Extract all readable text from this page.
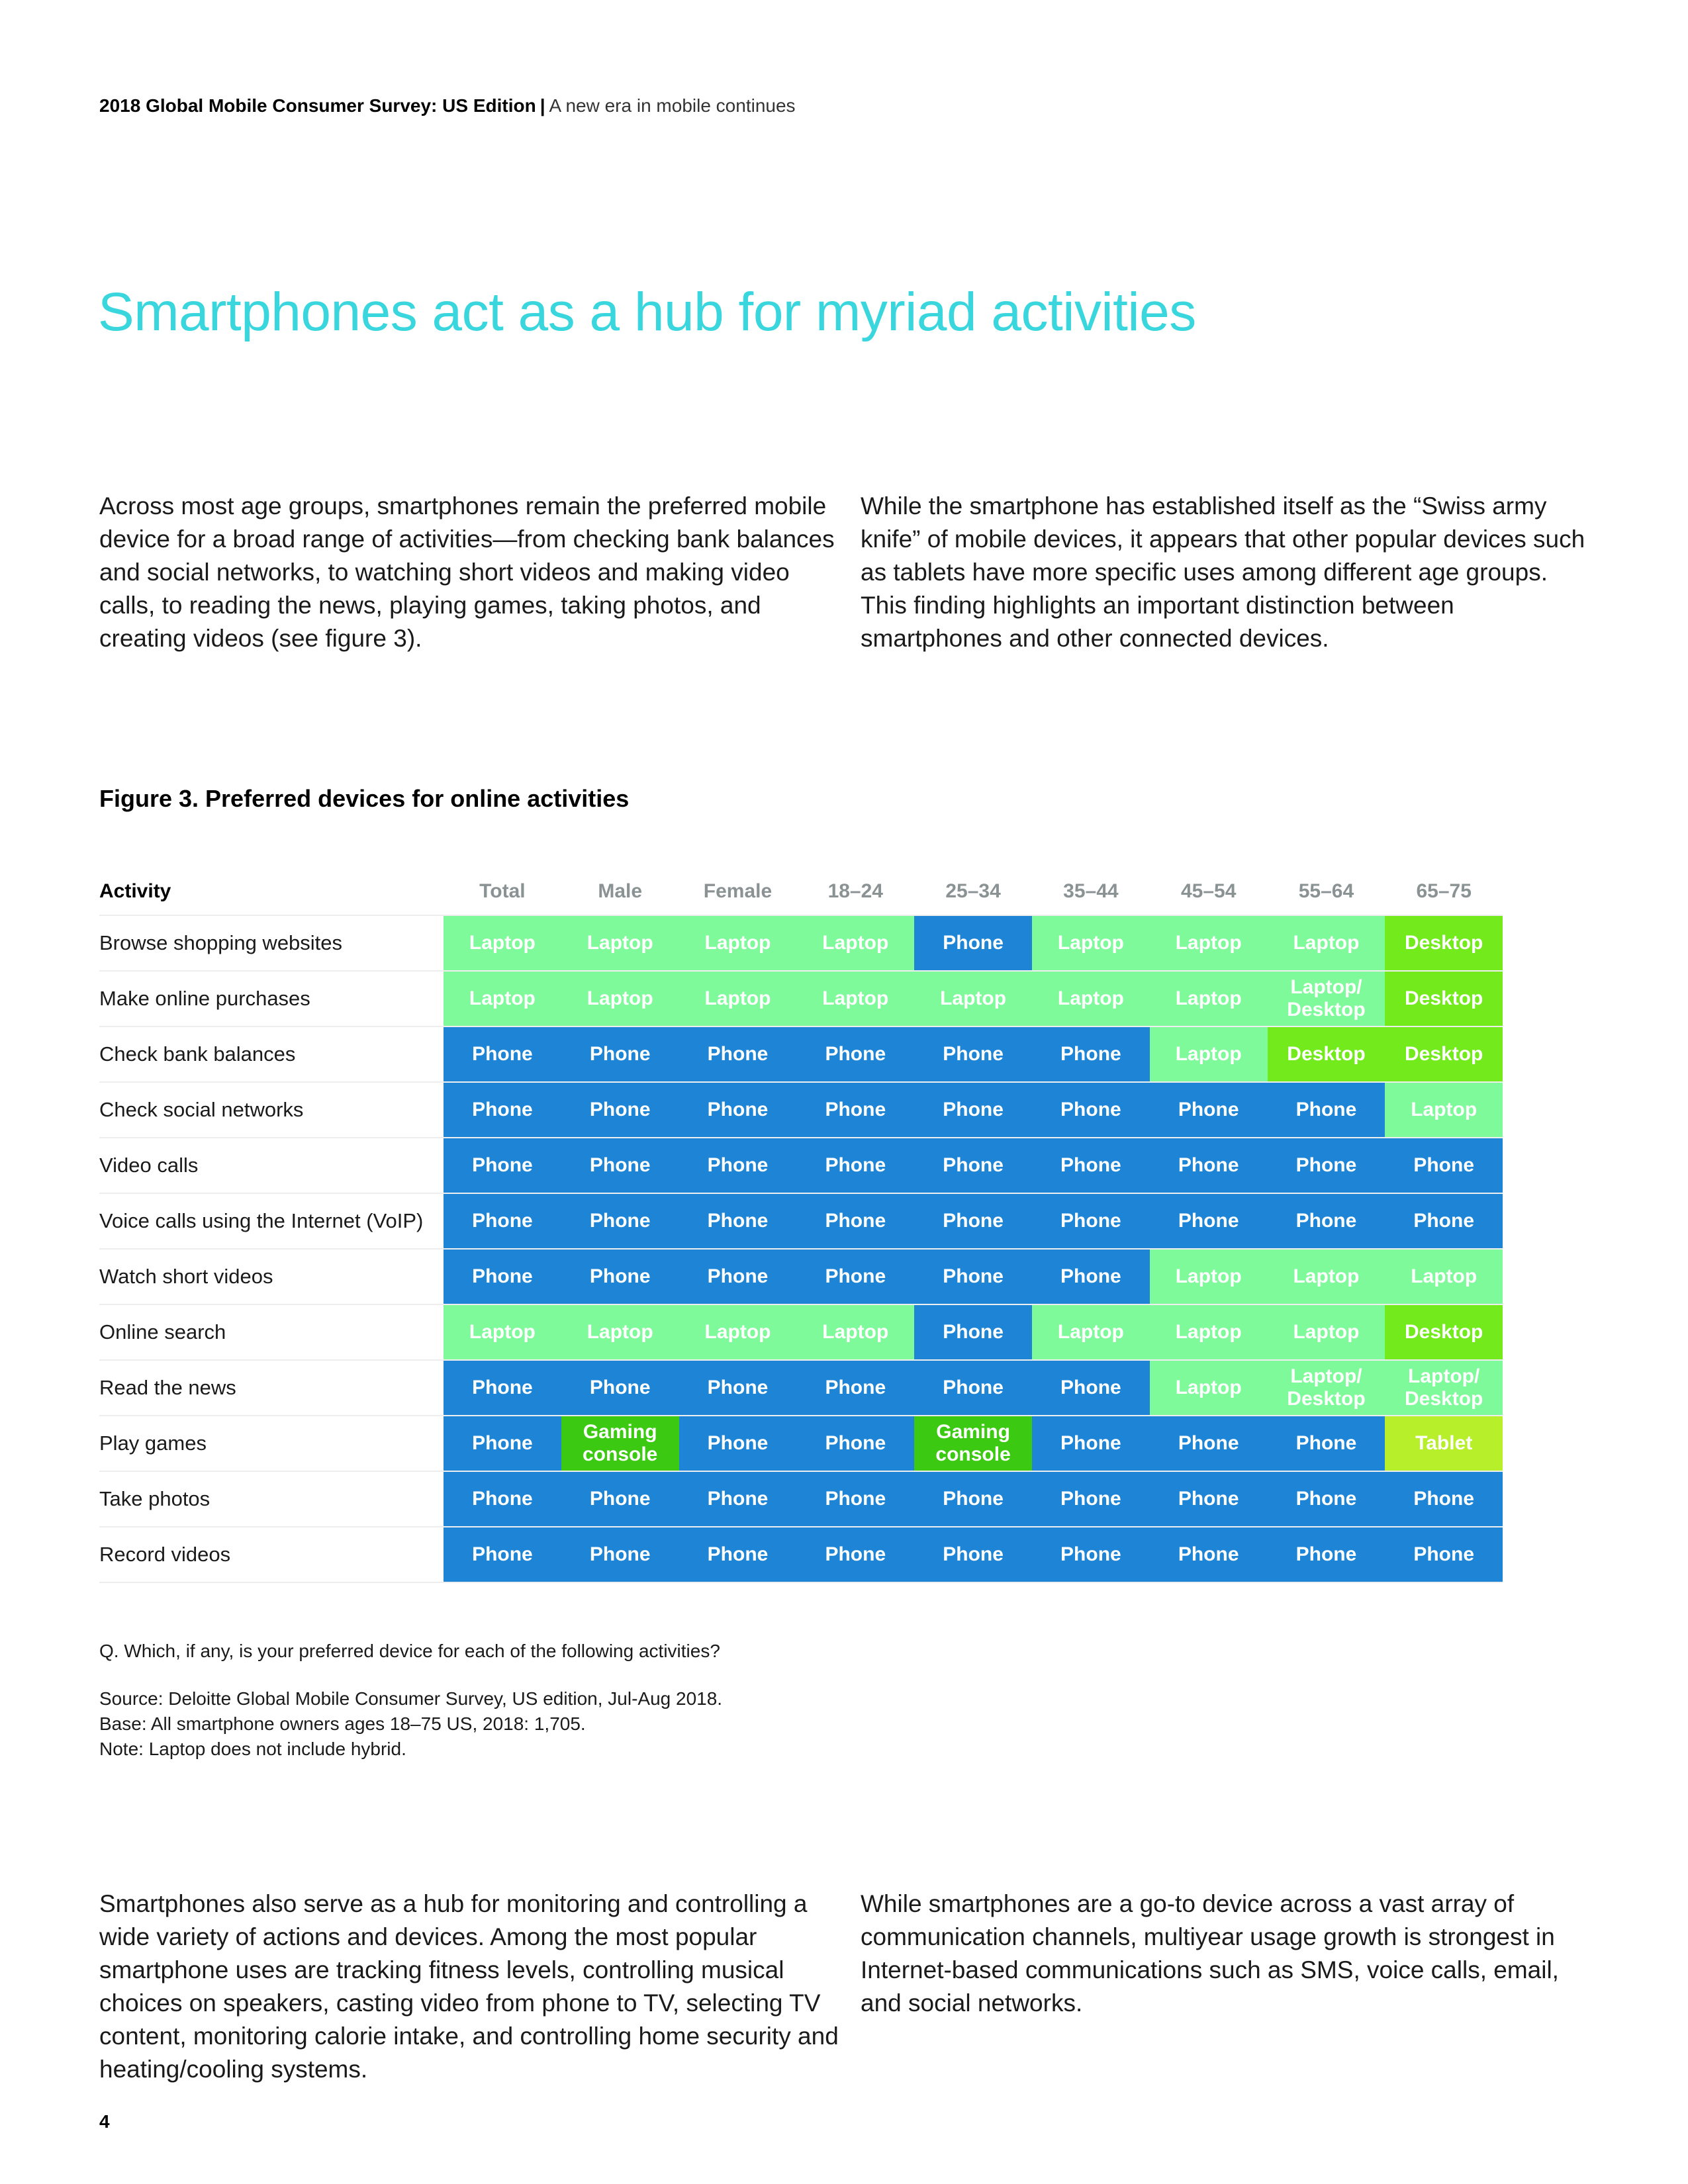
2018 Global Mobile Consumer Survey: US Edition | A new era in mobile continues
Smartphones act as a hub for myriad activities

Across most age groups, smartphones remain the preferred mobile device for a broad range of activities—from checking bank balances and social networks, to watching short videos and making video calls, to reading the news, playing games, taking photos, and creating videos (see figure 3).

While the smartphone has established itself as the “Swiss army knife” of mobile devices, it appears that other popular devices such as tablets have more specific uses among different age groups. This finding highlights an important distinction between smartphones and other connected devices.

Figure 3. Preferred devices for online activities
Activity	Total	Male	Female	18–24	25–34	35–44	45–54	55–64	65–75
Browse shopping websites	Laptop	Laptop	Laptop	Laptop	Phone	Laptop	Laptop	Laptop	Desktop
Make online purchases	Laptop	Laptop	Laptop	Laptop	Laptop	Laptop	Laptop	Laptop/ Desktop	Desktop
Check bank balances	Phone	Phone	Phone	Phone	Phone	Phone	Laptop	Desktop	Desktop
Check social networks	Phone	Phone	Phone	Phone	Phone	Phone	Phone	Phone	Laptop
Video calls	Phone	Phone	Phone	Phone	Phone	Phone	Phone	Phone	Phone
Voice calls using the Internet (VoIP)	Phone	Phone	Phone	Phone	Phone	Phone	Phone	Phone	Phone
Watch short videos	Phone	Phone	Phone	Phone	Phone	Phone	Laptop	Laptop	Laptop
Online search	Laptop	Laptop	Laptop	Laptop	Phone	Laptop	Laptop	Laptop	Desktop
Read the news	Phone	Phone	Phone	Phone	Phone	Phone	Laptop	Laptop/ Desktop	Laptop/ Desktop
Play games	Phone	Gaming console	Phone	Phone	Gaming console	Phone	Phone	Phone	Tablet
Take photos	Phone	Phone	Phone	Phone	Phone	Phone	Phone	Phone	Phone
Record videos	Phone	Phone	Phone	Phone	Phone	Phone	Phone	Phone	Phone

Q. Which, if any, is your preferred device for each of the following activities?

Source: Deloitte Global Mobile Consumer Survey, US edition, Jul-Aug 2018.

Base: All smartphone owners ages 18–75 US, 2018: 1,705.

Note: Laptop does not include hybrid.

Smartphones also serve as a hub for monitoring and controlling a wide variety of actions and devices. Among the most popular smartphone uses are tracking fitness levels, controlling musical choices on speakers, casting video from phone to TV, selecting TV content, monitoring calorie intake, and controlling home security and heating/cooling systems.

While smartphones are a go-to device across a vast array of communication channels, multiyear usage growth is strongest in Internet-based communications such as SMS, voice calls, email, and social networks.

4
